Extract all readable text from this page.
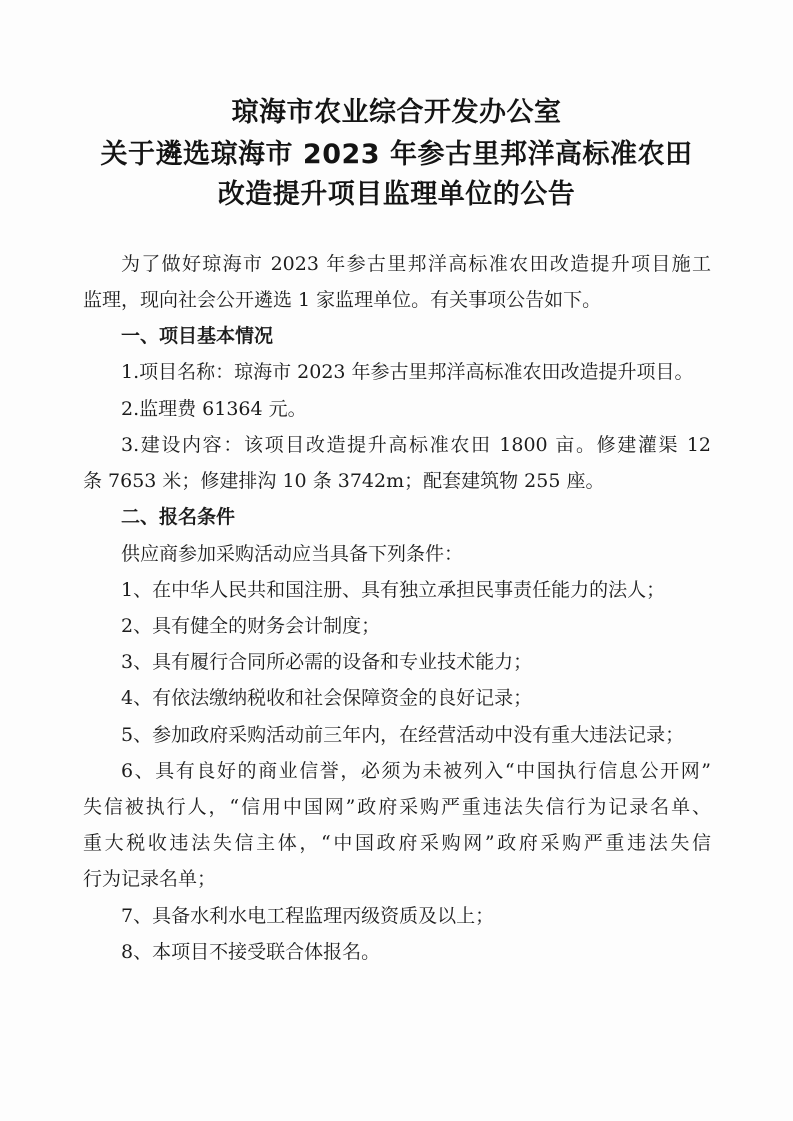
琼海市农业综合开发办公室
关于遴选琼海市 2023 年参古里邦洋高标准农田
改造提升项目监理单位的公告
为了做好琼海市 2023 年参古里邦洋高标准农田改造提升项目施工
监理，现向社会公开遴选 1 家监理单位。有关事项公告如下。
一、项目基本情况
1.项目名称：琼海市 2023 年参古里邦洋高标准农田改造提升项目。
2.监理费 61364 元。
3.建设内容：该项目改造提升高标准农田 1800 亩。修建灌渠 12
条 7653 米；修建排沟 10 条 3742m；配套建筑物 255 座。
二、报名条件
供应商参加采购活动应当具备下列条件：
1、在中华人民共和国注册、具有独立承担民事责任能力的法人；
2、具有健全的财务会计制度；
3、具有履行合同所必需的设备和专业技术能力；
4、有依法缴纳税收和社会保障资金的良好记录；
5、参加政府采购活动前三年内，在经营活动中没有重大违法记录；
6、具有良好的商业信誉，必须为未被列入“中国执行信息公开网”
失信被执行人，“信用中国网”政府采购严重违法失信行为记录名单、
重大税收违法失信主体，“中国政府采购网”政府采购严重违法失信
行为记录名单；
7、具备水利水电工程监理丙级资质及以上；
8、本项目不接受联合体报名。
